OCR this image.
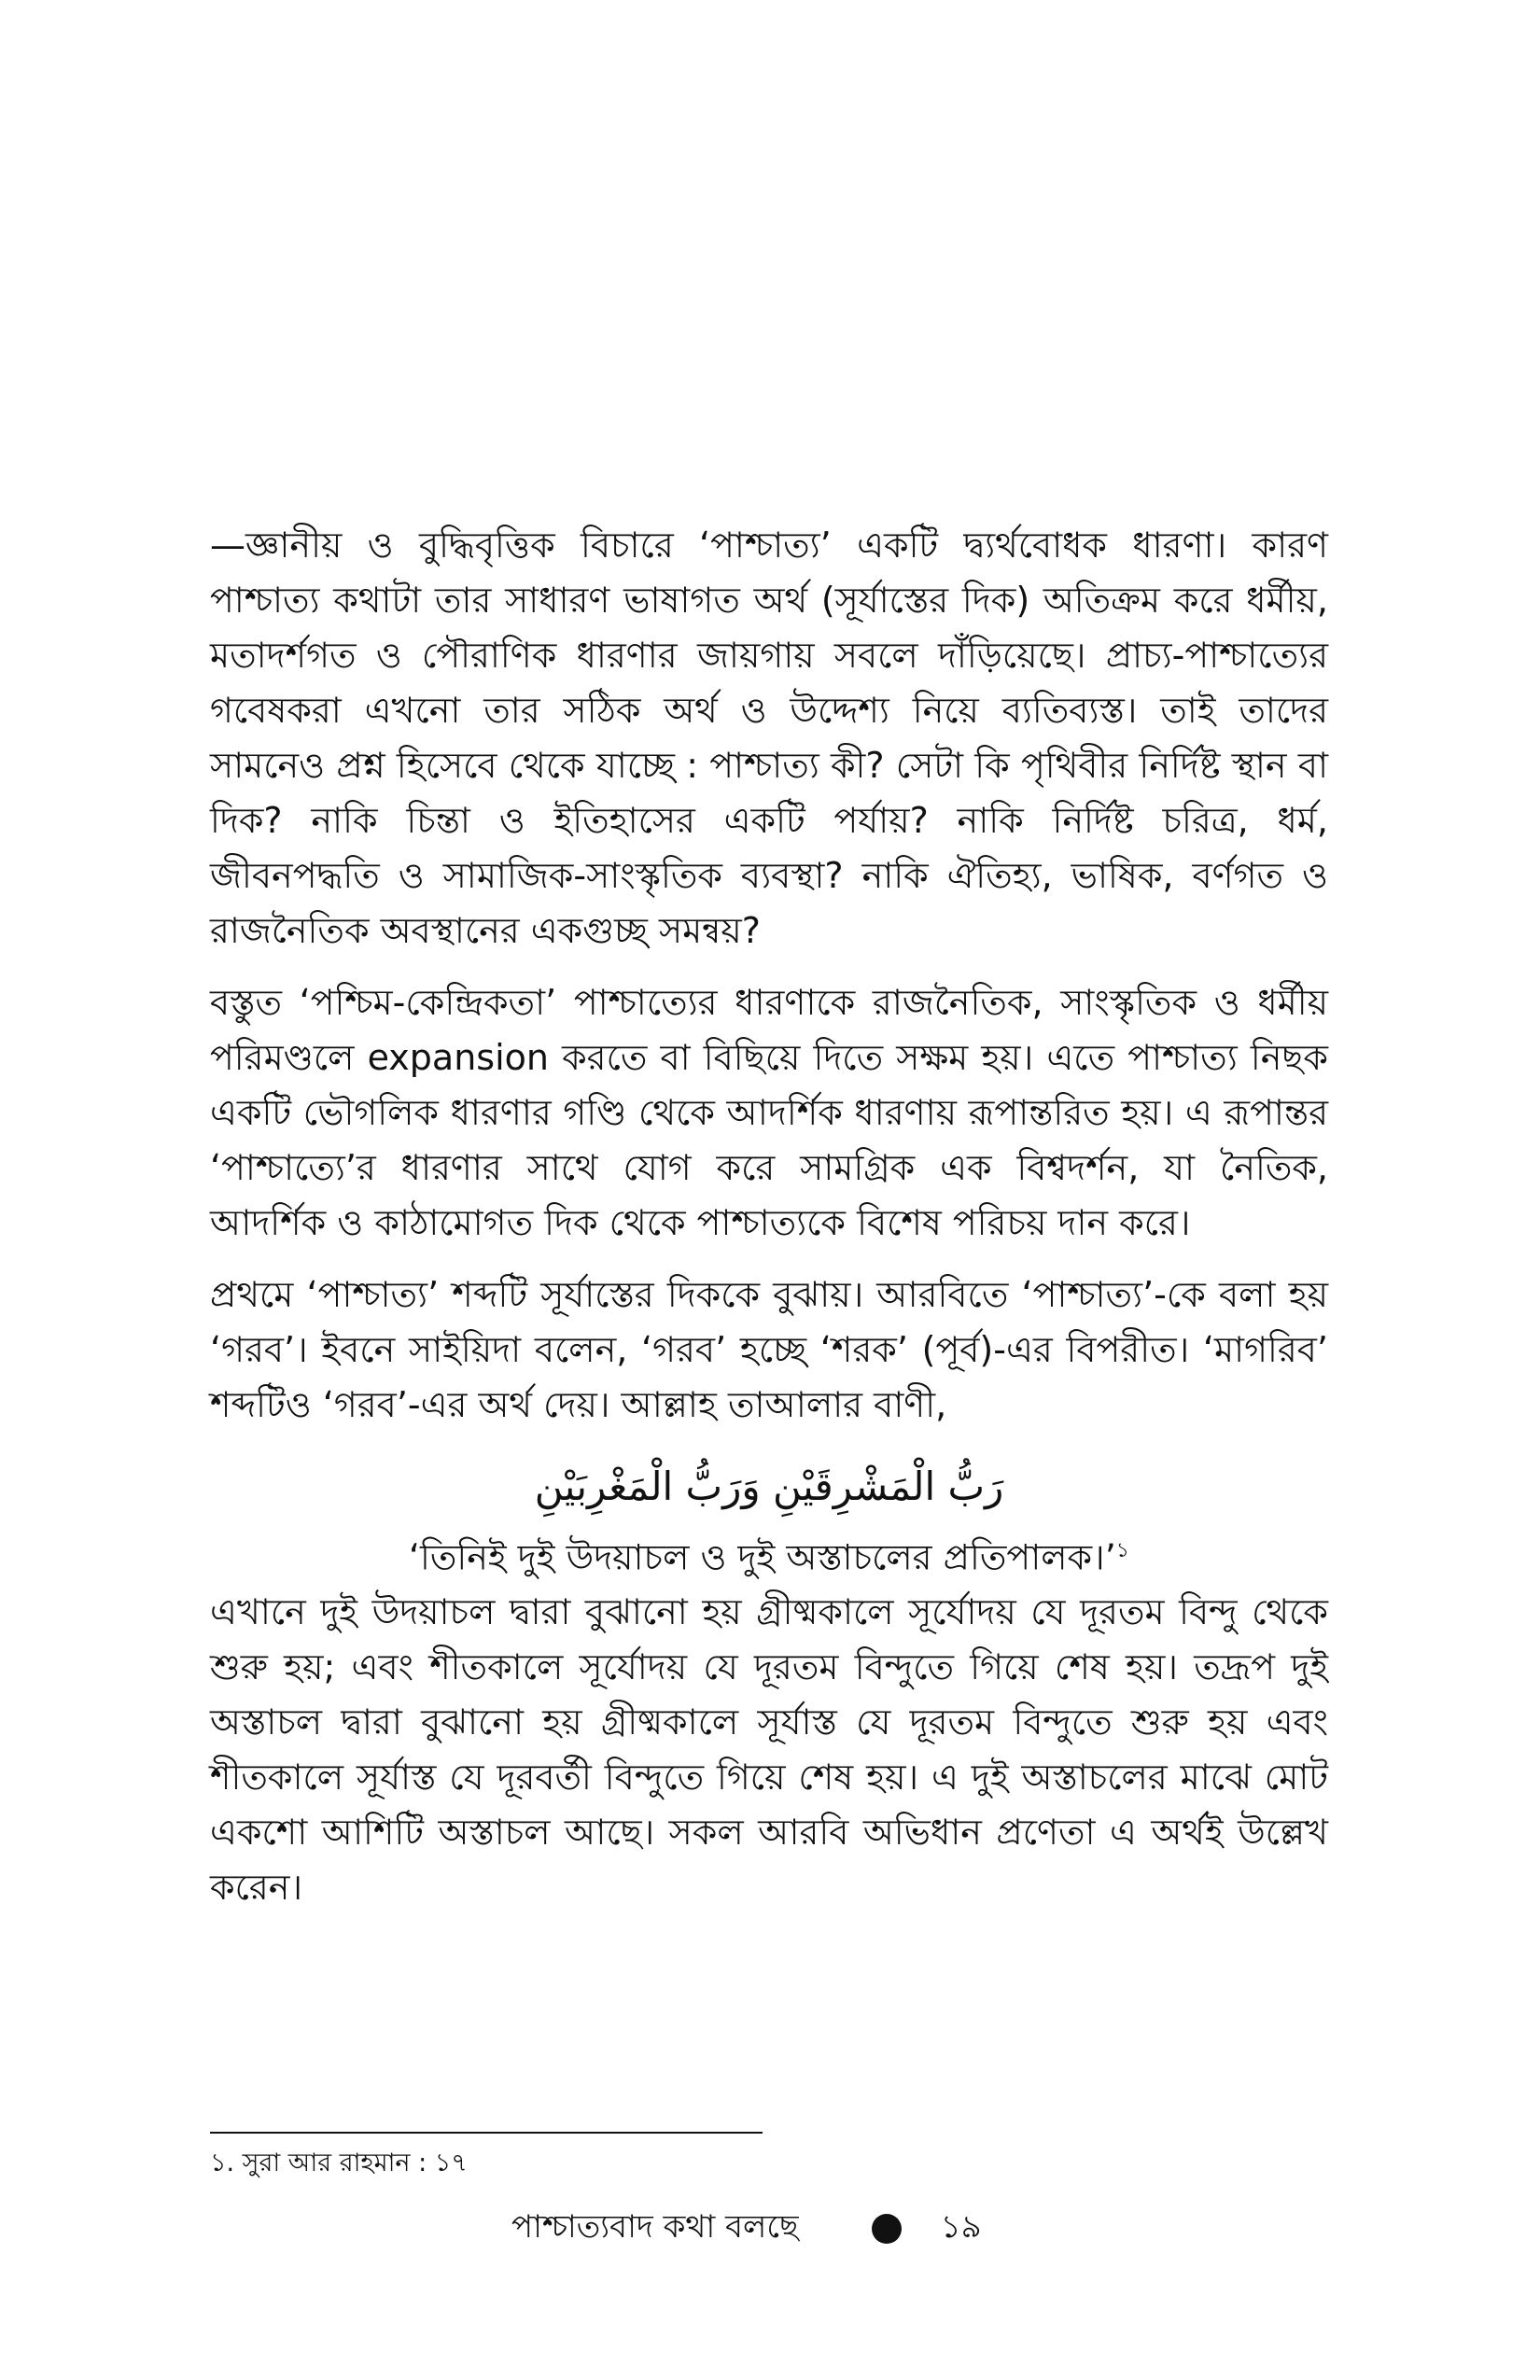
—জ্ঞানীয় ও বুদ্ধিবৃত্তিক বিচারে ‘পাশ্চাত্য’ একটি দ্ব্যর্থবোধক ধারণা। কারণ পাশ্চাত্য কথাটা তার সাধারণ ভাষাগত অর্থ (সূর্যাস্তের দিক) অতিক্রম করে ধর্মীয়, মতাদর্শগত ও পৌরাণিক ধারণার জায়গায় সবলে দাঁড়িয়েছে। প্রাচ্য-পাশ্চাত্যের গবেষকরা এখনো তার সঠিক অর্থ ও উদ্দেশ্য নিয়ে ব্যতিব্যস্ত। তাই তাদের সামনেও প্রশ্ন হিসেবে থেকে যাচ্ছে : পাশ্চাত্য কী? সেটা কি পৃথিবীর নির্দিষ্ট স্থান বা দিক? নাকি চিন্তা ও ইতিহাসের একটি পর্যায়? নাকি নির্দিষ্ট চরিত্র, ধর্ম, জীবনপদ্ধতি ও সামাজিক-সাংস্কৃতিক ব্যবস্থা? নাকি ঐতিহ্য, ভাষিক, বর্ণগত ও রাজনৈতিক অবস্থানের একগুচ্ছ সমন্বয়?

বস্তুত ‘পশ্চিম-কেন্দ্রিকতা’ পাশ্চাত্যের ধারণাকে রাজনৈতিক, সাংস্কৃতিক ও ধর্মীয় পরিমণ্ডলে expansion করতে বা বিছিয়ে দিতে সক্ষম হয়। এতে পাশ্চাত্য নিছক একটি ভৌগলিক ধারণার গণ্ডি থেকে আদর্শিক ধারণায় রূপান্তরিত হয়। এ রূপান্তর ‘পাশ্চাত্যে’র ধারণার সাথে যোগ করে সামগ্রিক এক বিশ্বদর্শন, যা নৈতিক, আদর্শিক ও কাঠামোগত দিক থেকে পাশ্চাত্যকে বিশেষ পরিচয় দান করে।

প্রথমে ‘পাশ্চাত্য’ শব্দটি সূর্যাস্তের দিককে বুঝায়। আরবিতে ‘পাশ্চাত্য’-কে বলা হয় ‘গরব’। ইবনে সাইয়িদা বলেন, ‘গরব’ হচ্ছে ‘শরক’ (পূর্ব)-এর বিপরীত। ‘মাগরিব’ শব্দটিও ‘গরব’-এর অর্থ দেয়। আল্লাহ তাআলার বাণী,

رَبُّ الْمَشْرِقَيْنِ وَرَبُّ الْمَغْرِبَيْنِ
‘তিনিই দুই উদয়াচল ও দুই অস্তাচলের প্রতিপালক।’$^১$

এখানে দুই উদয়াচল দ্বারা বুঝানো হয় গ্রীষ্মকালে সূর্যোদয় যে দূরতম বিন্দু থেকে শুরু হয়; এবং শীতকালে সূর্যোদয় যে দূরতম বিন্দুতে গিয়ে শেষ হয়। তদ্রূপ দুই অস্তাচল দ্বারা বুঝানো হয় গ্রীষ্মকালে সূর্যাস্ত যে দূরতম বিন্দুতে শুরু হয় এবং শীতকালে সূর্যাস্ত যে দূরবর্তী বিন্দুতে গিয়ে শেষ হয়। এ দুই অস্তাচলের মাঝে মোট একশো আশিটি অস্তাচল আছে। সকল আরবি অভিধান প্রণেতা এ অর্থই উল্লেখ করেন।

১. সুরা আর রাহমান : ১৭
পাশ্চাত্যবাদ কথা বলছে	১৯
